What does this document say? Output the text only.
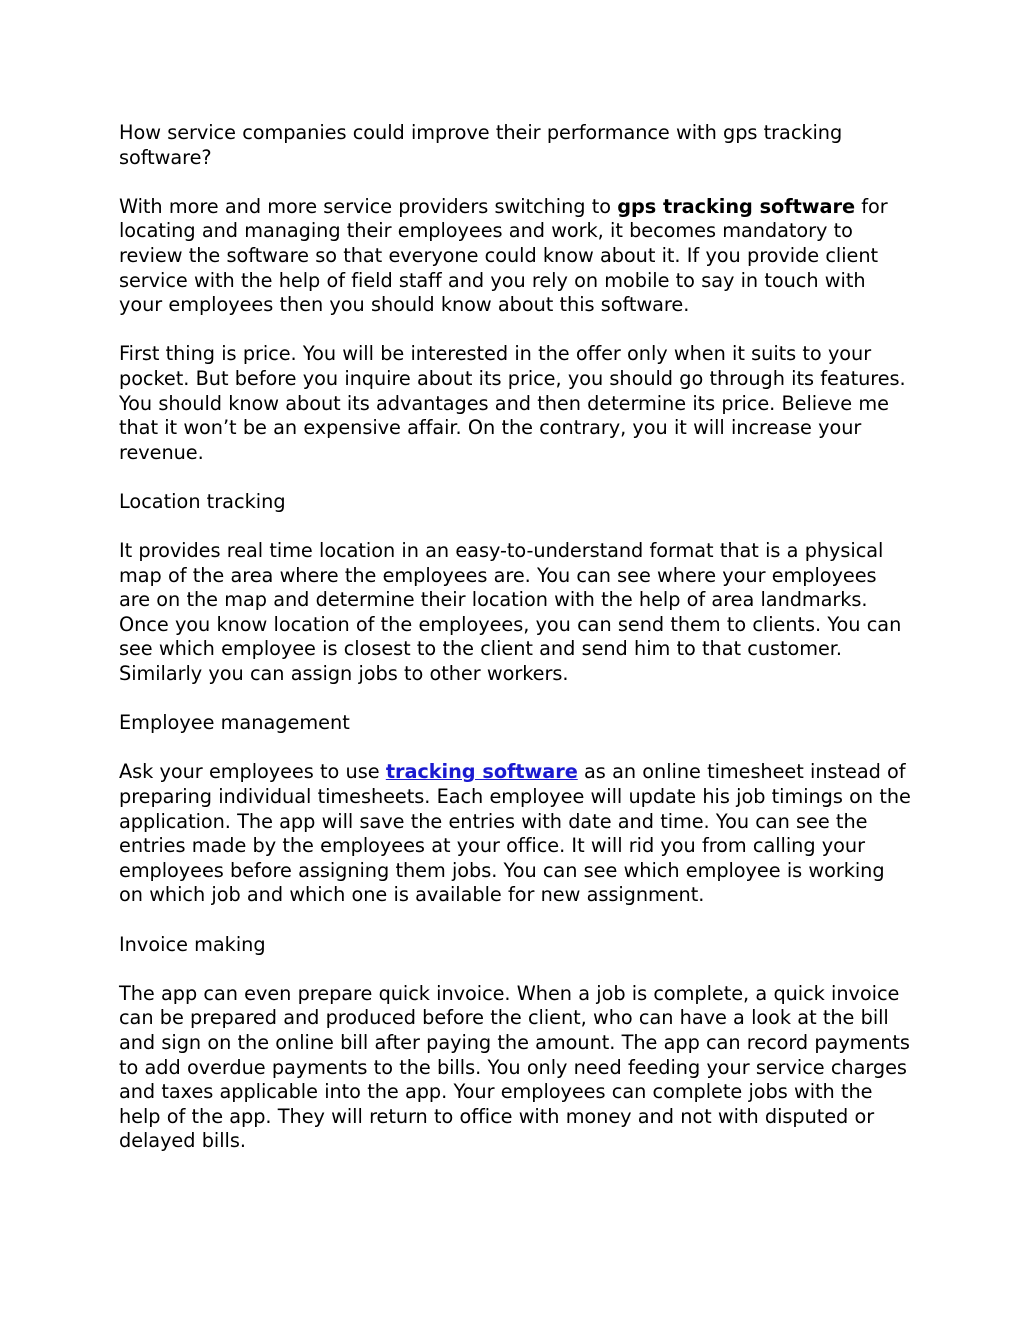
How service companies could improve their performance with gps tracking software?

With more and more service providers switching to gps tracking software for locating and managing their employees and work, it becomes mandatory to review the software so that everyone could know about it. If you provide client service with the help of field staff and you rely on mobile to say in touch with your employees then you should know about this software.

First thing is price. You will be interested in the offer only when it suits to your pocket. But before you inquire about its price, you should go through its features. You should know about its advantages and then determine its price. Believe me that it won’t be an expensive affair. On the contrary, you it will increase your revenue.

Location tracking

It provides real time location in an easy-to-understand format that is a physical map of the area where the employees are. You can see where your employees are on the map and determine their location with the help of area landmarks. Once you know location of the employees, you can send them to clients. You can see which employee is closest to the client and send him to that customer. Similarly you can assign jobs to other workers.

Employee management

Ask your employees to use tracking software as an online timesheet instead of preparing individual timesheets. Each employee will update his job timings on the application. The app will save the entries with date and time. You can see the entries made by the employees at your office. It will rid you from calling your employees before assigning them jobs. You can see which employee is working on which job and which one is available for new assignment.

Invoice making

The app can even prepare quick invoice. When a job is complete, a quick invoice can be prepared and produced before the client, who can have a look at the bill and sign on the online bill after paying the amount. The app can record payments to add overdue payments to the bills. You only need feeding your service charges and taxes applicable into the app. Your employees can complete jobs with the help of the app. They will return to office with money and not with disputed or delayed bills.
